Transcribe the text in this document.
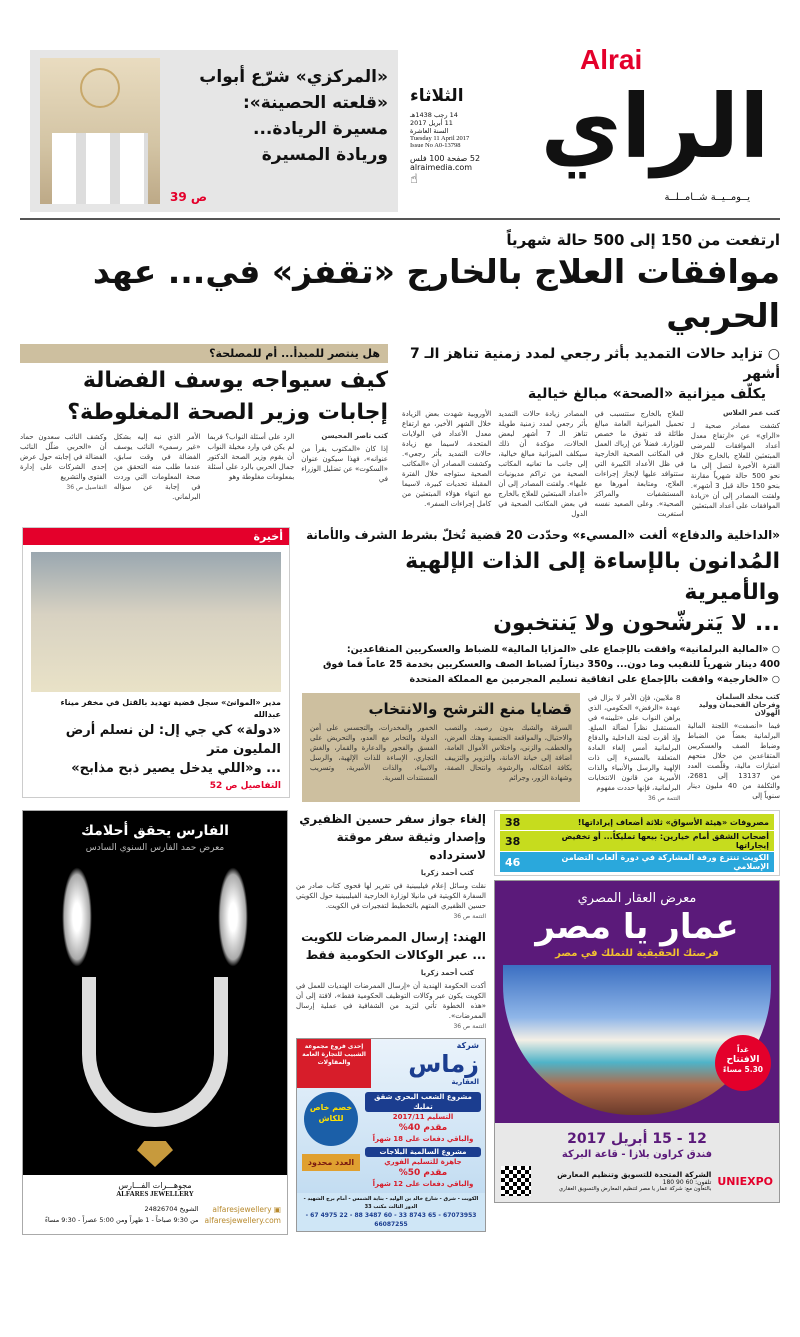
Alrai
الراي
يــومــيــة شــامــلــة
الثلاثاء
14 رجب 1438هـ
11 أبريل 2017
السنة العاشرة
Tuesday 11 April 2017
Issue No A0-13798
52 صفحة 100 فلس
alraimedia.com
☝
«المركزي» شرّع أبواب
«قلعته الحصينة»:
مسيرة الريادة...
وريادة المسيرة
ص 39
ارتفعت من 150 إلى 500 حالة شهرياً
موافقات العلاج بالخارج «تقفز» في... عهد الحربي
○ تزايد حالات التمديد بأثر رجعي لمدد زمنية تناهز الـ 7 أشهر
يكلّف ميزانية «الصحة» مبالغ خيالية
كتب عمر العلاس
كشفت مصادر صحية لـ «الراي» عن «ارتفاع معدل أعداد الموافقات للمرضى المبتعثين للعلاج بالخارج خلال الفترة الأخيرة لتصل إلى ما نحو 500 حالة شهرياً مقارنة بنحو 150 حالة قبل 3 أشهر». ولفتت المصادر إلى أن «زيادة الموافقات على أعداد المبتعثين
للعلاج بالخارج ستتسبب في تحميل الميزانية العامة مبالغ طائلة قد تفوق ما خصص للوزارة. فضلاً عن إرباك العمل في المكاتب الصحية الخارجية في ظل الأعداد الكبيرة التي ستتوافد عليها لإنجاز إجراءات العلاج، ومتابعة أمورها مع المستشفيات والمراكز الصحية». وعلى الصعيد نفسه استغربت
المصادر زيادة حالات التمديد بأثر رجعي لمدد زمنية طويلة تناهز الـ 7 أشهر لبعض الحالات، مؤكدة أن ذلك سيكلف الميزانية مبالغ خيالية، إلى جانب ما تعانيه المكاتب الصحية من تراكم مديونيات عليها». ولفتت المصادر إلى أن «أعداد المبتعثين للعلاج بالخارج في بعض المكاتب الصحية في الدول
الأوروبية شهدت بعض الزيادة خلال الشهر الأخير، مع ارتفاع معدل الأعداد في الولايات المتحدة، لاسيما مع زيادة حالات التمديد بأثر رجعي». وكشفت المصادر أن «المكاتب الصحية ستواجه خلال الفترة المقبلة تحديات كبيرة، لاسيما مع انتهاء هؤلاء المبتعثين من كامل إجراءات السفر».
هل ينتصر للمبدأ... أم للمصلحة؟
كيف سيواجه يوسف الفضالة
إجابات وزير الصحة المغلوطة؟
كتب ناصر المحيسن
إذا كان «المكتوب يقرأ من عنوانه»، فهذا سيكون عنوان «السكوت» عن تضليل الوزراء في
الرد على أسئلة النواب؟ فربما لم يكن في وارد مخيلة النواب أن يقوم وزير الصحة الدكتور جمال الحربي بالرد على أسئلة بمعلومات مغلوطة وهو
الأمر الذي نبه إليه بشكل «غير رسمي» النائب يوسف الفضالة في وقت سابق، عندما طلب منه التحقق من صحة المعلومات التي وردت في إجابة عن سؤاله البرلماني.
وكشف النائب سعدون حماد أن «الحربي ضلّل النائب الفضالة في إجابته حول عرض إحدى الشركات على إدارة الفتوى والتشريع
التفاصيل ص 36
«الداخلية والدفاع» ألغت «المسيء» وحدّدت 20 قضية تُخلّ بشرط الشرف والأمانة
المُدانون بالإساءة إلى الذات الإلهية والأميرية
... لا يَترشّحون ولا يَنتخبون
○ «المالية البرلمانية» وافقت بالإجماع على «المزايا المالية» للضباط والعسكريين المتقاعدين:
400 دينار شهرياً للنقيب وما دون... و350 ديناراً لضباط الصف والعسكريين بخدمة 25 عاماً فما فوق
○ «الخارجية» وافقت بالإجماع على اتفاقية تسليم المجرمين مع المملكة المتحدة
كتب مخلد السلمان وفرحان الفحيمان ووليد الهولان
فيما «أنصفت» اللجنة المالية البرلمانية بعضاً من الضباط وضباط الصف والعسكريين المتقاعدين من خلال منحهم امتيازات مالية، وقلّصت العدد من 13137 إلى 2681، والتكلفة من 40 مليون دينار سنوياً إلى
8 ملايين، فإن الأمر لا يزال في عهدة «الرفض» الحكومي، الذي يراهن النواب على «تليينه» في المستقبل نظراً لضآلة المبلغ. وإذ أقرت لجنة الداخلية والدفاع البرلمانية أمس إلغاء المادة المتعلقة بالمسيء إلى ذات الإلهية والرسل والأنبياء والذات الأميرية من قانون الانتخابات البرلمانية، فإنها حددت مفهوم
التتمة ص 36
قضايا منع الترشح والانتخاب
السرقة والشيك بدون رصيد، والنصب والاحتيال، والمواقعة الجنسية وهتك العرض، والخطف، والزنى، واختلاس الأموال العامة، اضافة إلى خيانة الامانة، والتزوير والتزييف بكافة اشكاله، والرشوة، وانتحال الصفة، وشهادة الزور، وجرائم
الخمور والمخدرات، والتجسس على أمن الدولة والتخابر مع العدو، والتحريض على الفسق والفجور والدعارة والقمار، والغش التجاري، الإساءة للذات الإلهية، والرسل والانبياء، والذات الأميرية، وتسريب المستندات السرية.
أخيرة
مدير «الموانئ» سجل قضية تهديد بالقتل في مخفر ميناء عبدالله
«دولة» كي جي إل: لن نسلم أرض المليون متر
... و«اللي يدخل يصير ذبح مذابح»
التفاصيل ص 52
مصروفات «هيئة الأسواق» ثلاثة أضعاف إيراداتها!
38
أصحاب الشقق أمام خيارين: بيعها تمليكاً... أو تخفيض إيجاراتها
38
الكويت تنتزع ورقة المشاركة في دورة ألعاب التضامن الإسلامي
46
معرض العقار المصري
عمار يا مصر
فرصتك الحقيقية للتملك في مصر
غداً
الافتتاح
5.30 مساءً
12 - 15 أبريل 2017
فندق كراون بلازا - قاعة البركة
UNIEXPO
الشركة المتحدة للتسويق وتنظيم المعارض
تلفون: 60 90 180
بالتعاون مع: شركة عمار يا مصر لتنظيم المعارض والتسويق العقاري
إلغاء جواز سفر حسين الظفيري
وإصدار وثيقة سفر موقتة لاسترداده
كتب أحمد زكريا
نقلت وسائل إعلام فيليبينية في تقرير لها فحوى كتاب صادر من السفارة الكويتية في مانيلا لوزارة الخارجية الفيليبينية حول الكويتي حسين الظفيري المتهم بالتخطيط لتفجيرات في الكويت.
التتمة ص 36
الهند: إرسال الممرضات للكويت
... عبر الوكالات الحكومية فقط
كتب أحمد زكريا
أكدت الحكومة الهندية أن «إرسال الممرضات الهنديات للعمل في الكويت يكون عبر وكالات التوظيف الحكومية فقط»، لافتة إلى أن «هذه الخطوة تأتي لتزيد من الشفافية في عملية إرسال الممرضات».
التتمة ص 36
شركة
زماس
العقارية
إحدى فروع مجموعة الشبيب للتجارة العامة والمقاولات
مشروع الشعب البحري شقق تمليك
التسليم 2017/11
مقدم 40%
والباقي دفعات على 18 شهراً
مشروع السالمية البلاجات
جاهزة للتسليم الفوري
مقدم 50%
والباقي دفعات على 12 شهراً
خصم خاص للكاش
العدد محدود
الكويت - شرق - شارع خالد بن الوليد - بناية الشمس - أمام برج الشهيد - الدور الثالث مكتب 33
67073953 - 65 8743 33 - 60 3487 88 - 22 4975 67 - 66087255
الفارس يحقق أحلامك
معرض حمد الفارس السنوي السادس
مجوهـــرات الفـــارس
ALFARES JEWELLERY
▣ alfaresjewellery
alfaresjewellery.com
الشويخ 24826704
من 9:30 صباحاً - 1 ظهراً ومن 5:00 عصراً - 9:30 مساءً
